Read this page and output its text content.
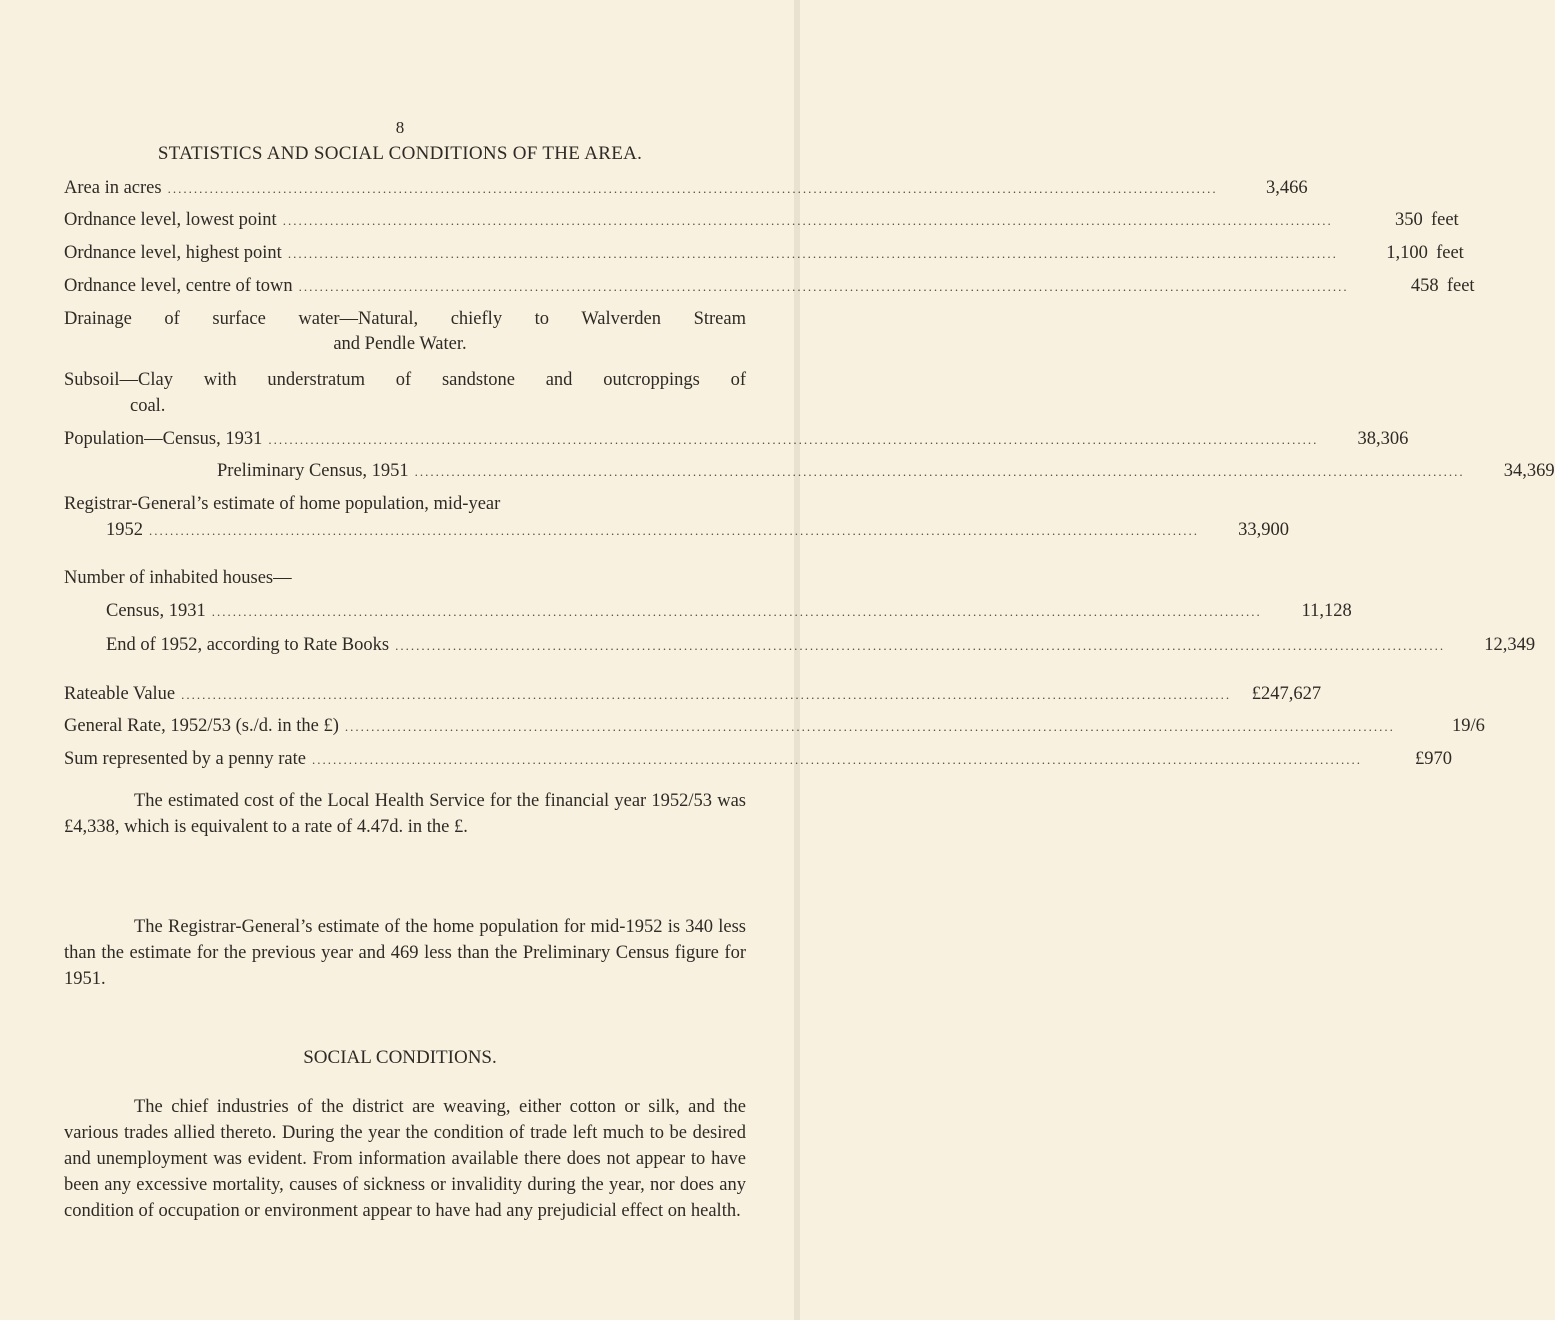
8
STATISTICS AND SOCIAL CONDITIONS OF THE AREA.
Area in acres ........................................................................................................................................................................................................	3,466
Ordnance level, lowest point ........................................................................................................................................................................................................	350 feet
Ordnance level, highest point ........................................................................................................................................................................................................	1,100 feet
Ordnance level, centre of town ........................................................................................................................................................................................................	458 feet
Drainage of surface water—Natural, chiefly to Walverden Stream
and Pendle Water.
Subsoil—Clay with understratum of sandstone and outcroppings of
coal.
Population—Census, 1931 ........................................................................................................................................................................................................	38,306
Preliminary Census, 1951 ........................................................................................................................................................................................................	34,369
Registrar-General’s estimate of home population, mid-year
1952 ........................................................................................................................................................................................................	33,900
Number of inhabited houses—
Census, 1931 ........................................................................................................................................................................................................	11,128
End of 1952, according to Rate Books ........................................................................................................................................................................................................	12,349
Rateable Value ........................................................................................................................................................................................................	£247,627
General Rate, 1952/53 (s./d. in the £) ........................................................................................................................................................................................................	19/6
Sum represented by a penny rate ........................................................................................................................................................................................................	£970
The estimated cost of the Local Health Service for the financial year 1952/53 was £4,338, which is equivalent to a rate of 4.47d. in the £.
The Registrar-General’s estimate of the home population for mid-1952 is 340 less than the estimate for the previous year and 469 less than the Preliminary Census figure for 1951.
SOCIAL CONDITIONS.
The chief industries of the district are weaving, either cotton or silk, and the various trades allied thereto. During the year the condition of trade left much to be desired and unemployment was evident. From information available there does not appear to have been any excessive mortality, causes of sickness or invalidity during the year, nor does any condition of occupation or environment appear to have had any prejudicial effect on health.
